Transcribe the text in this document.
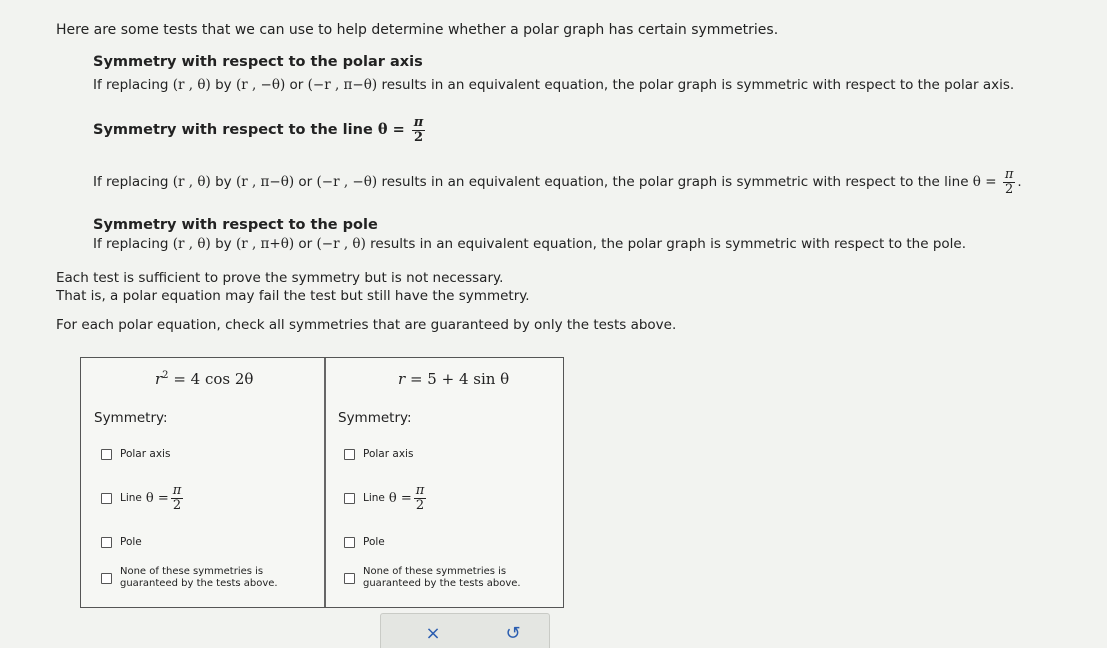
Here are some tests that we can use to help determine whether a polar graph has certain symmetries.
Symmetry with respect to the polar axis
If replacing (r , θ) by (r , −θ) or (−r , π−θ) results in an equivalent equation, the polar graph is symmetric with respect to the polar axis.
Symmetry with respect to the line $\theta = \frac{\pi}{2}$
If replacing (r , θ) by (r , π−θ) or (−r , −θ) results in an equivalent equation, the polar graph is symmetric with respect to the line $\theta = \frac{\pi}{2}$ .
Symmetry with respect to the pole
If replacing (r , θ) by (r , π+θ) or (−r , θ) results in an equivalent equation, the polar graph is symmetric with respect to the pole.
Each test is sufficient to prove the symmetry but is not necessary.
That is, a polar equation may fail the test but still have the symmetry.
For each polar equation, check all symmetries that are guaranteed by only the tests above.
$r^2 = 4$ cos 2θ
Symmetry:
Polar axis
Line $\theta = \frac{\pi}{2}$
Pole
None of these symmetries is
guaranteed by the tests above.
r = 5 + 4 sin θ
Symmetry:
Polar axis
Line $\theta = \frac{\pi}{2}$
Pole
None of these symmetries is
guaranteed by the tests above.
×	↺
